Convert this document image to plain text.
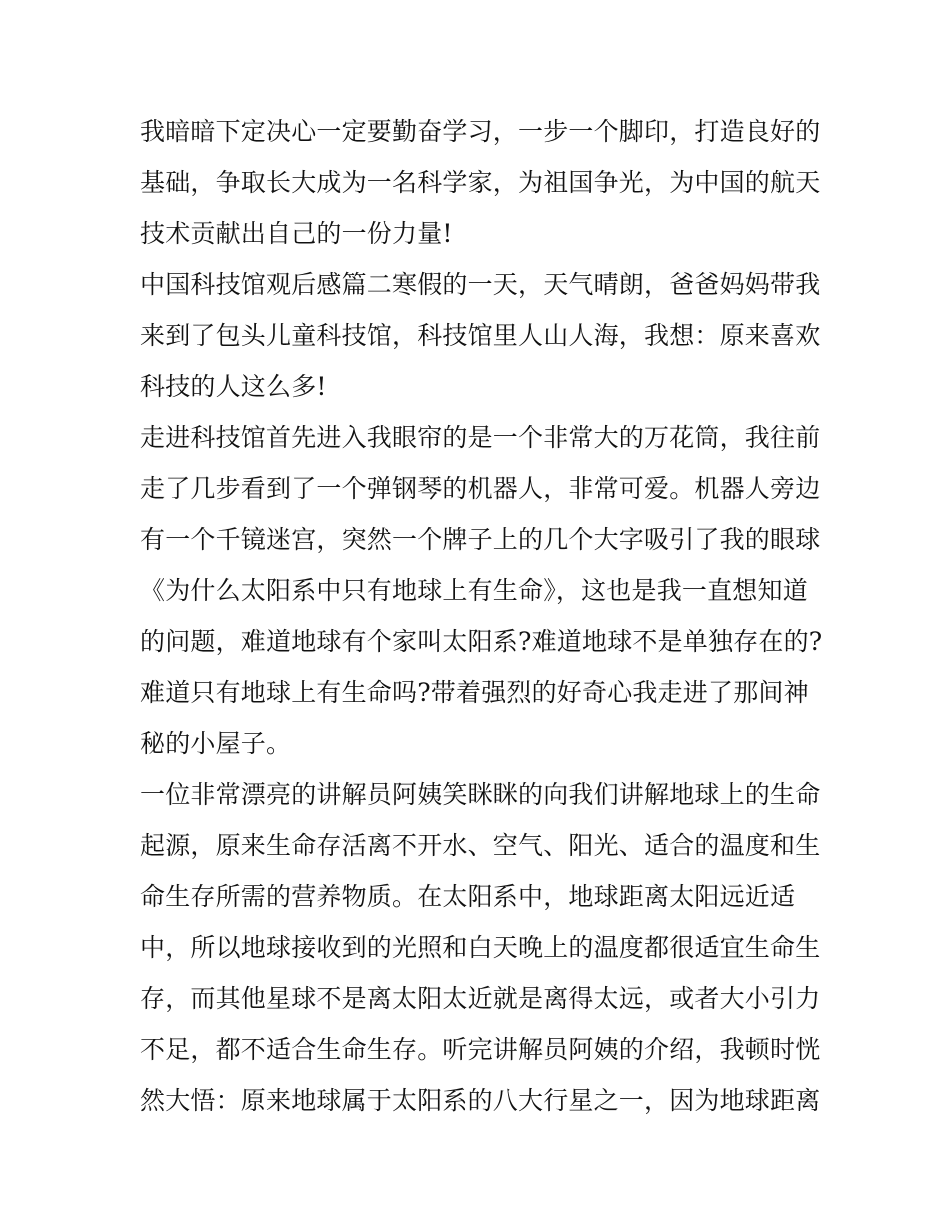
我暗暗下定决心一定要勤奋学习，一步一个脚印，打造良好的
基础，争取长大成为一名科学家，为祖国争光，为中国的航天
技术贡献出自己的一份力量!
中国科技馆观后感篇二寒假的一天，天气晴朗，爸爸妈妈带我
来到了包头儿童科技馆，科技馆里人山人海，我想：原来喜欢
科技的人这么多!
走进科技馆首先进入我眼帘的是一个非常大的万花筒，我往前
走了几步看到了一个弹钢琴的机器人，非常可爱。机器人旁边
有一个千镜迷宫，突然一个牌子上的几个大字吸引了我的眼球
《为什么太阳系中只有地球上有生命》，这也是我一直想知道
的问题，难道地球有个家叫太阳系?难道地球不是单独存在的?
难道只有地球上有生命吗?带着强烈的好奇心我走进了那间神
秘的小屋子。
一位非常漂亮的讲解员阿姨笑眯眯的向我们讲解地球上的生命
起源，原来生命存活离不开水、空气、阳光、适合的温度和生
命生存所需的营养物质。在太阳系中，地球距离太阳远近适
中，所以地球接收到的光照和白天晚上的温度都很适宜生命生
存，而其他星球不是离太阳太近就是离得太远，或者大小引力
不足，都不适合生命生存。听完讲解员阿姨的介绍，我顿时恍
然大悟：原来地球属于太阳系的八大行星之一，因为地球距离
